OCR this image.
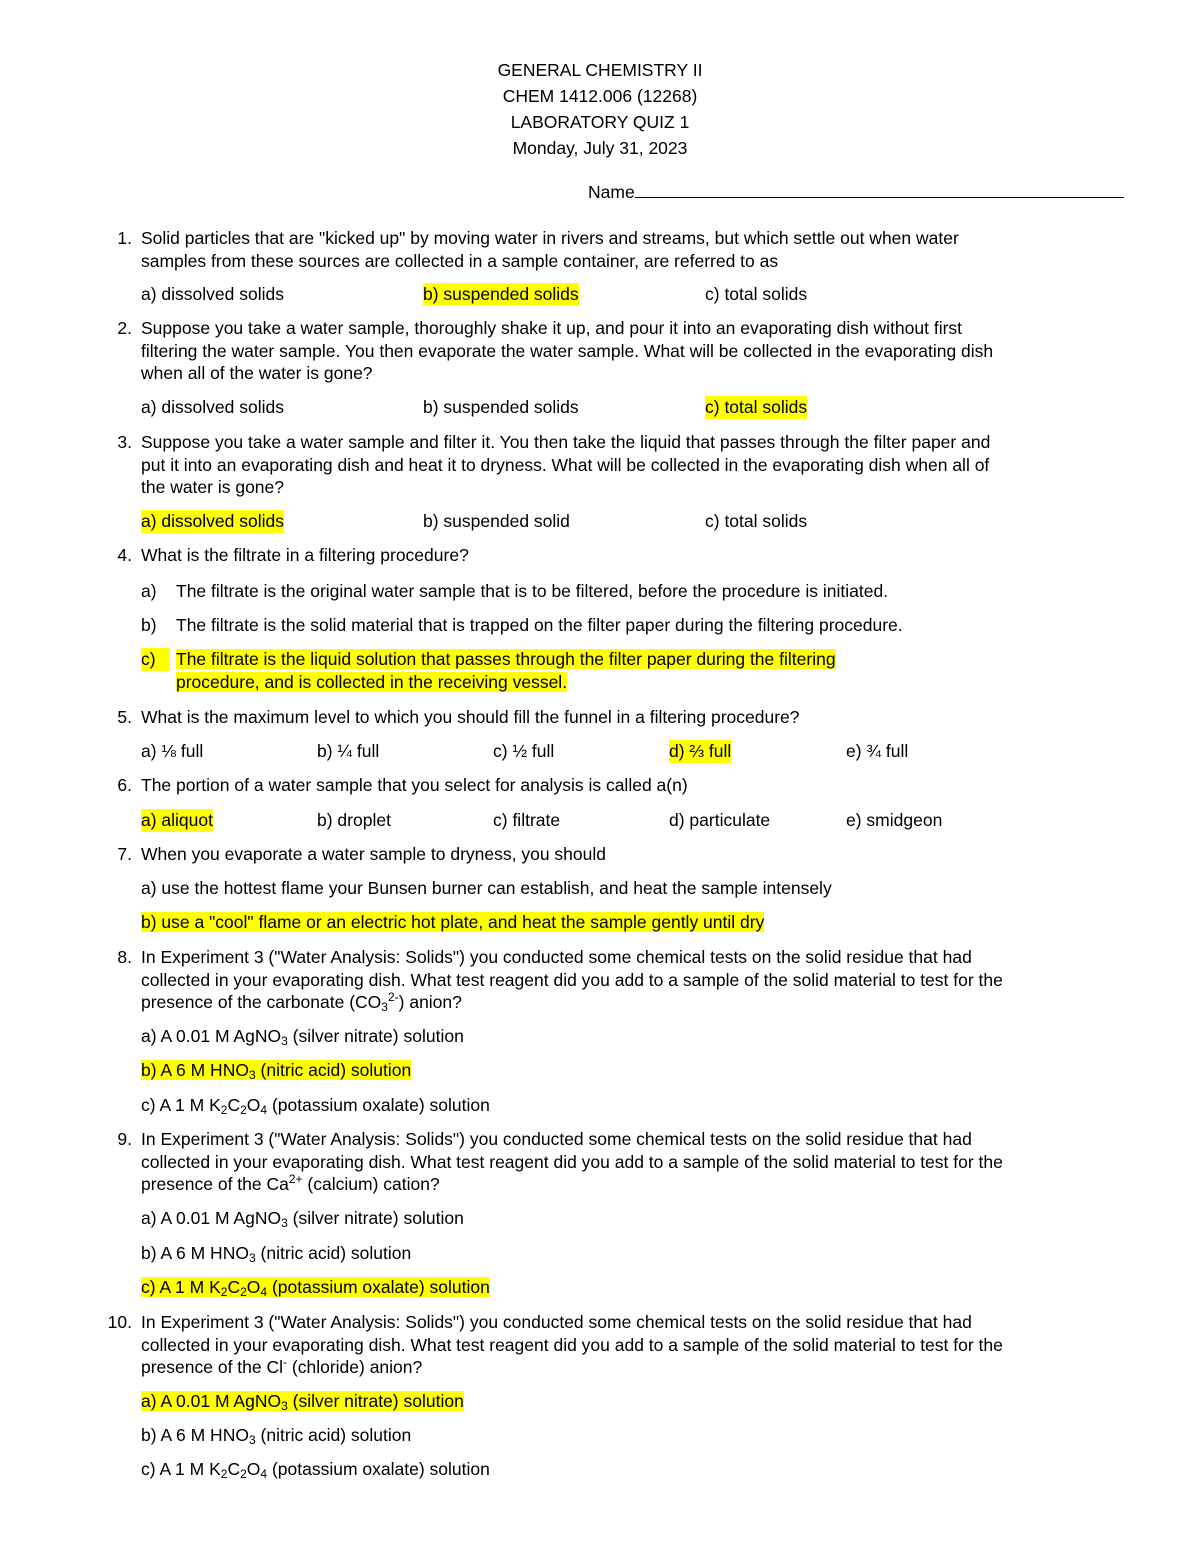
GENERAL CHEMISTRY II
CHEM 1412.006 (12268)
LABORATORY QUIZ 1
Monday, July 31, 2023
Name
1. Solid particles that are "kicked up" by moving water in rivers and streams, but which settle out when water
samples from these sources are collected in a sample container, are referred to as
a) dissolved solids	b) suspended solids	c) total solids
2. Suppose you take a water sample, thoroughly shake it up, and pour it into an evaporating dish without first
filtering the water sample. You then evaporate the water sample. What will be collected in the evaporating dish
when all of the water is gone?
a) dissolved solids	b) suspended solids	c) total solids
3. Suppose you take a water sample and filter it. You then take the liquid that passes through the filter paper and
put it into an evaporating dish and heat it to dryness. What will be collected in the evaporating dish when all of
the water is gone?
a) dissolved solids	b) suspended solid	c) total solids
4. What is the filtrate in a filtering procedure?
a) The filtrate is the original water sample that is to be filtered, before the procedure is initiated.
b) The filtrate is the solid material that is trapped on the filter paper during the filtering procedure.
c)	The filtrate is the liquid solution that passes through the filter paper during the filtering
procedure, and is collected in the receiving vessel.
5. What is the maximum level to which you should fill the funnel in a filtering procedure?
a) ⅛ full	b) ¼ full	c) ½ full	d) ⅔ full	e) ¾ full
6. The portion of a water sample that you select for analysis is called a(n)
a) aliquot	b) droplet	c) filtrate	d) particulate	e) smidgeon
7. When you evaporate a water sample to dryness, you should
a) use the hottest flame your Bunsen burner can establish, and heat the sample intensely
b) use a "cool" flame or an electric hot plate, and heat the sample gently until dry
8. In Experiment 3 ("Water Analysis: Solids") you conducted some chemical tests on the solid residue that had
collected in your evaporating dish. What test reagent did you add to a sample of the solid material to test for the
presence of the carbonate $(CO_3^{2-})$ anion?
a) A 0.01 M AgNO$_3$ (silver nitrate) solution
b) A 6 M $HNO_3$ (nitric acid) solution
c) A 1 M $K_2C_2O_4$ (potassium oxalate) solution
9. In Experiment 3 ("Water Analysis: Solids") you conducted some chemical tests on the solid residue that had
collected in your evaporating dish. What test reagent did you add to a sample of the solid material to test for the
presence of the $Ca^{2+}$ (calcium) cation?
a) A 0.01 M AgNO$_3$ (silver nitrate) solution
b) A 6 M $HNO_3$ (nitric acid) solution
c) A 1 M $K_2C_2O_4$ (potassium oxalate) solution
10. In Experiment 3 ("Water Analysis: Solids") you conducted some chemical tests on the solid residue that had
collected in your evaporating dish. What test reagent did you add to a sample of the solid material to test for the
presence of the Cl- (chloride) anion?
a) A 0.01 M AgNO$_3$ (silver nitrate) solution
b) A 6 M $HNO_3$ (nitric acid) solution
c) A 1 M $K_2C_2O_4$ (potassium oxalate) solution
